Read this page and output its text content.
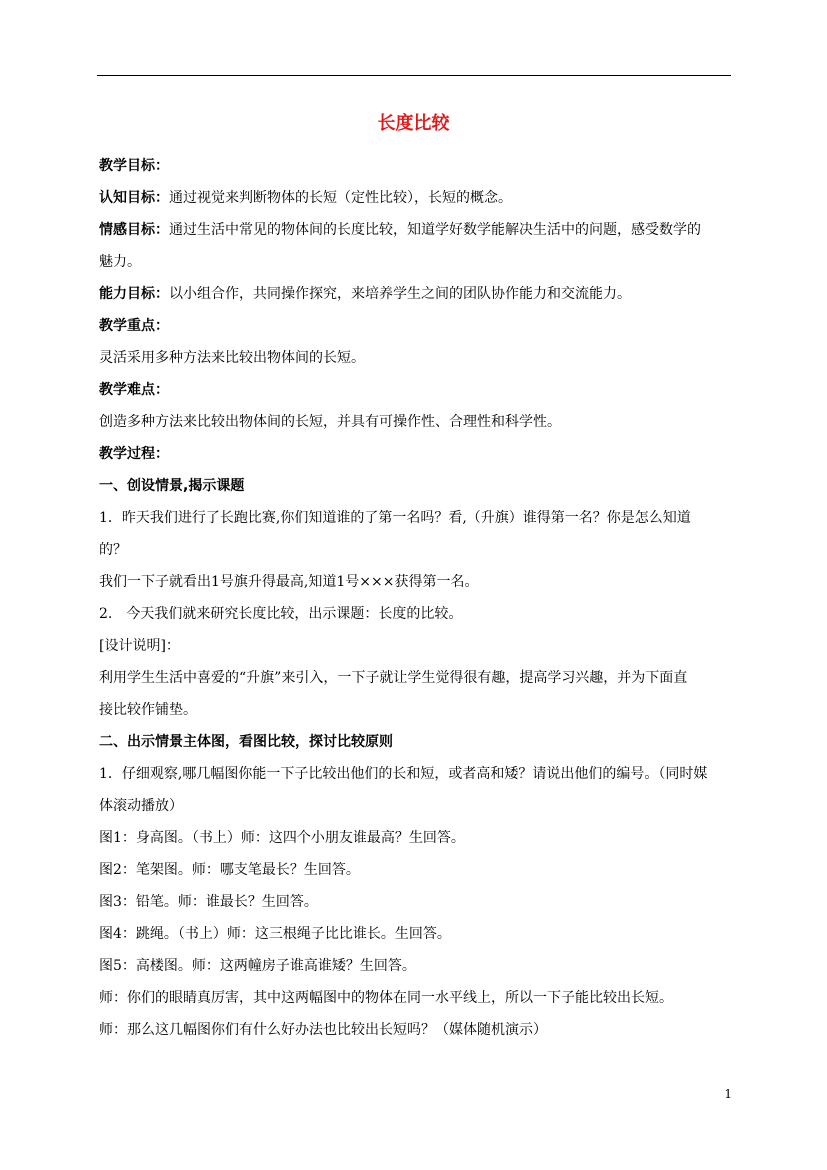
长度比较

教学目标：

认知目标：通过视觉来判断物体的长短（定性比较），长短的概念。

情感目标：通过生活中常见的物体间的长度比较，知道学好数学能解决生活中的问题，感受数学的

魅力。

能力目标：以小组合作，共同操作探究，来培养学生之间的团队协作能力和交流能力。

教学重点：

灵活采用多种方法来比较出物体间的长短。

教学难点：

创造多种方法来比较出物体间的长短，并具有可操作性、合理性和科学性。

教学过程：

一、创设情景,揭示课题

1．昨天我们进行了长跑比赛,你们知道谁的了第一名吗？看,（升旗）谁得第一名？你是怎么知道

的？

我们一下子就看出1号旗升得最高,知道1号×××获得第一名。

2.　今天我们就来研究长度比较，出示课题：长度的比较。

[设计说明]：

利用学生生活中喜爱的“升旗”来引入，一下子就让学生觉得很有趣，提高学习兴趣，并为下面直

接比较作铺垫。

二、出示情景主体图，看图比较，探讨比较原则

1．仔细观察,哪几幅图你能一下子比较出他们的长和短，或者高和矮？请说出他们的编号。（同时媒

体滚动播放）

图1：身高图。（书上）师：这四个小朋友谁最高？生回答。

图2：笔架图。师：哪支笔最长？生回答。

图3：铅笔。师：谁最长？生回答。

图4：跳绳。（书上）师：这三根绳子比比谁长。生回答。

图5：高楼图。师：这两幢房子谁高谁矮？生回答。

师：你们的眼睛真厉害，其中这两幅图中的物体在同一水平线上，所以一下子能比较出长短。

师：那么这几幅图你们有什么好办法也比较出长短吗？（媒体随机演示）

1
